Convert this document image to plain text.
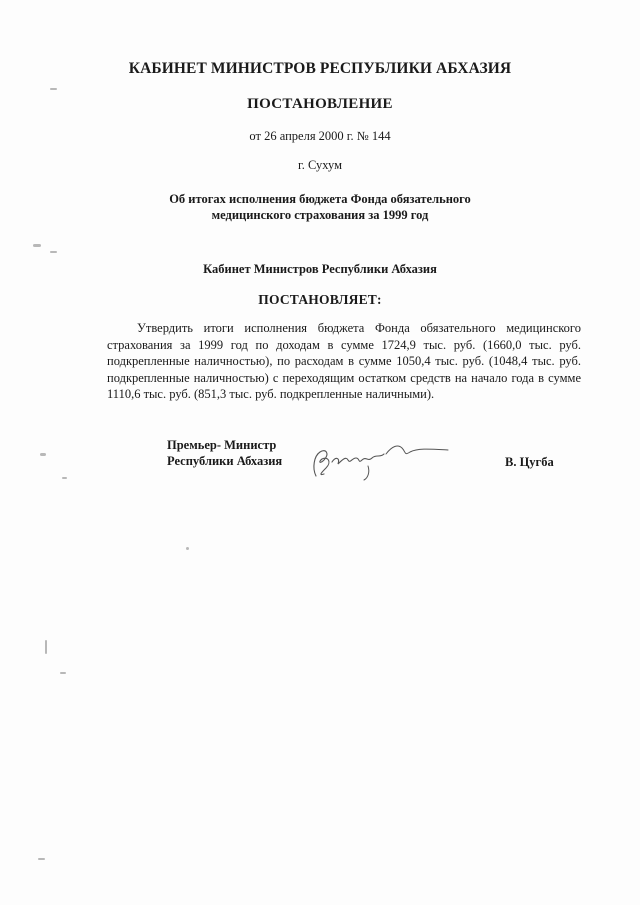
КАБИНЕТ МИНИСТРОВ РЕСПУБЛИКИ АБХАЗИЯ
ПОСТАНОВЛЕНИЕ
от 26 апреля 2000 г. № 144
г. Сухум
Об итогах исполнения бюджета Фонда обязательного
медицинского страхования за 1999 год
Кабинет Министров Республики Абхазия
ПОСТАНОВЛЯЕТ:
Утвердить итоги исполнения бюджета Фонда обязательного медицинского страхования за 1999 год по доходам в сумме 1724,9 тыс. руб. (1660,0 тыс. руб. подкрепленные наличностью), по расходам в сумме 1050,4 тыс. руб. (1048,4 тыс. руб. подкрепленные наличностью) с переходящим остатком средств на начало года в сумме 1110,6 тыс. руб. (851,3 тыс. руб. подкрепленные наличными).
Премьер- Министр
Республики Абхазия	В. Цугба
